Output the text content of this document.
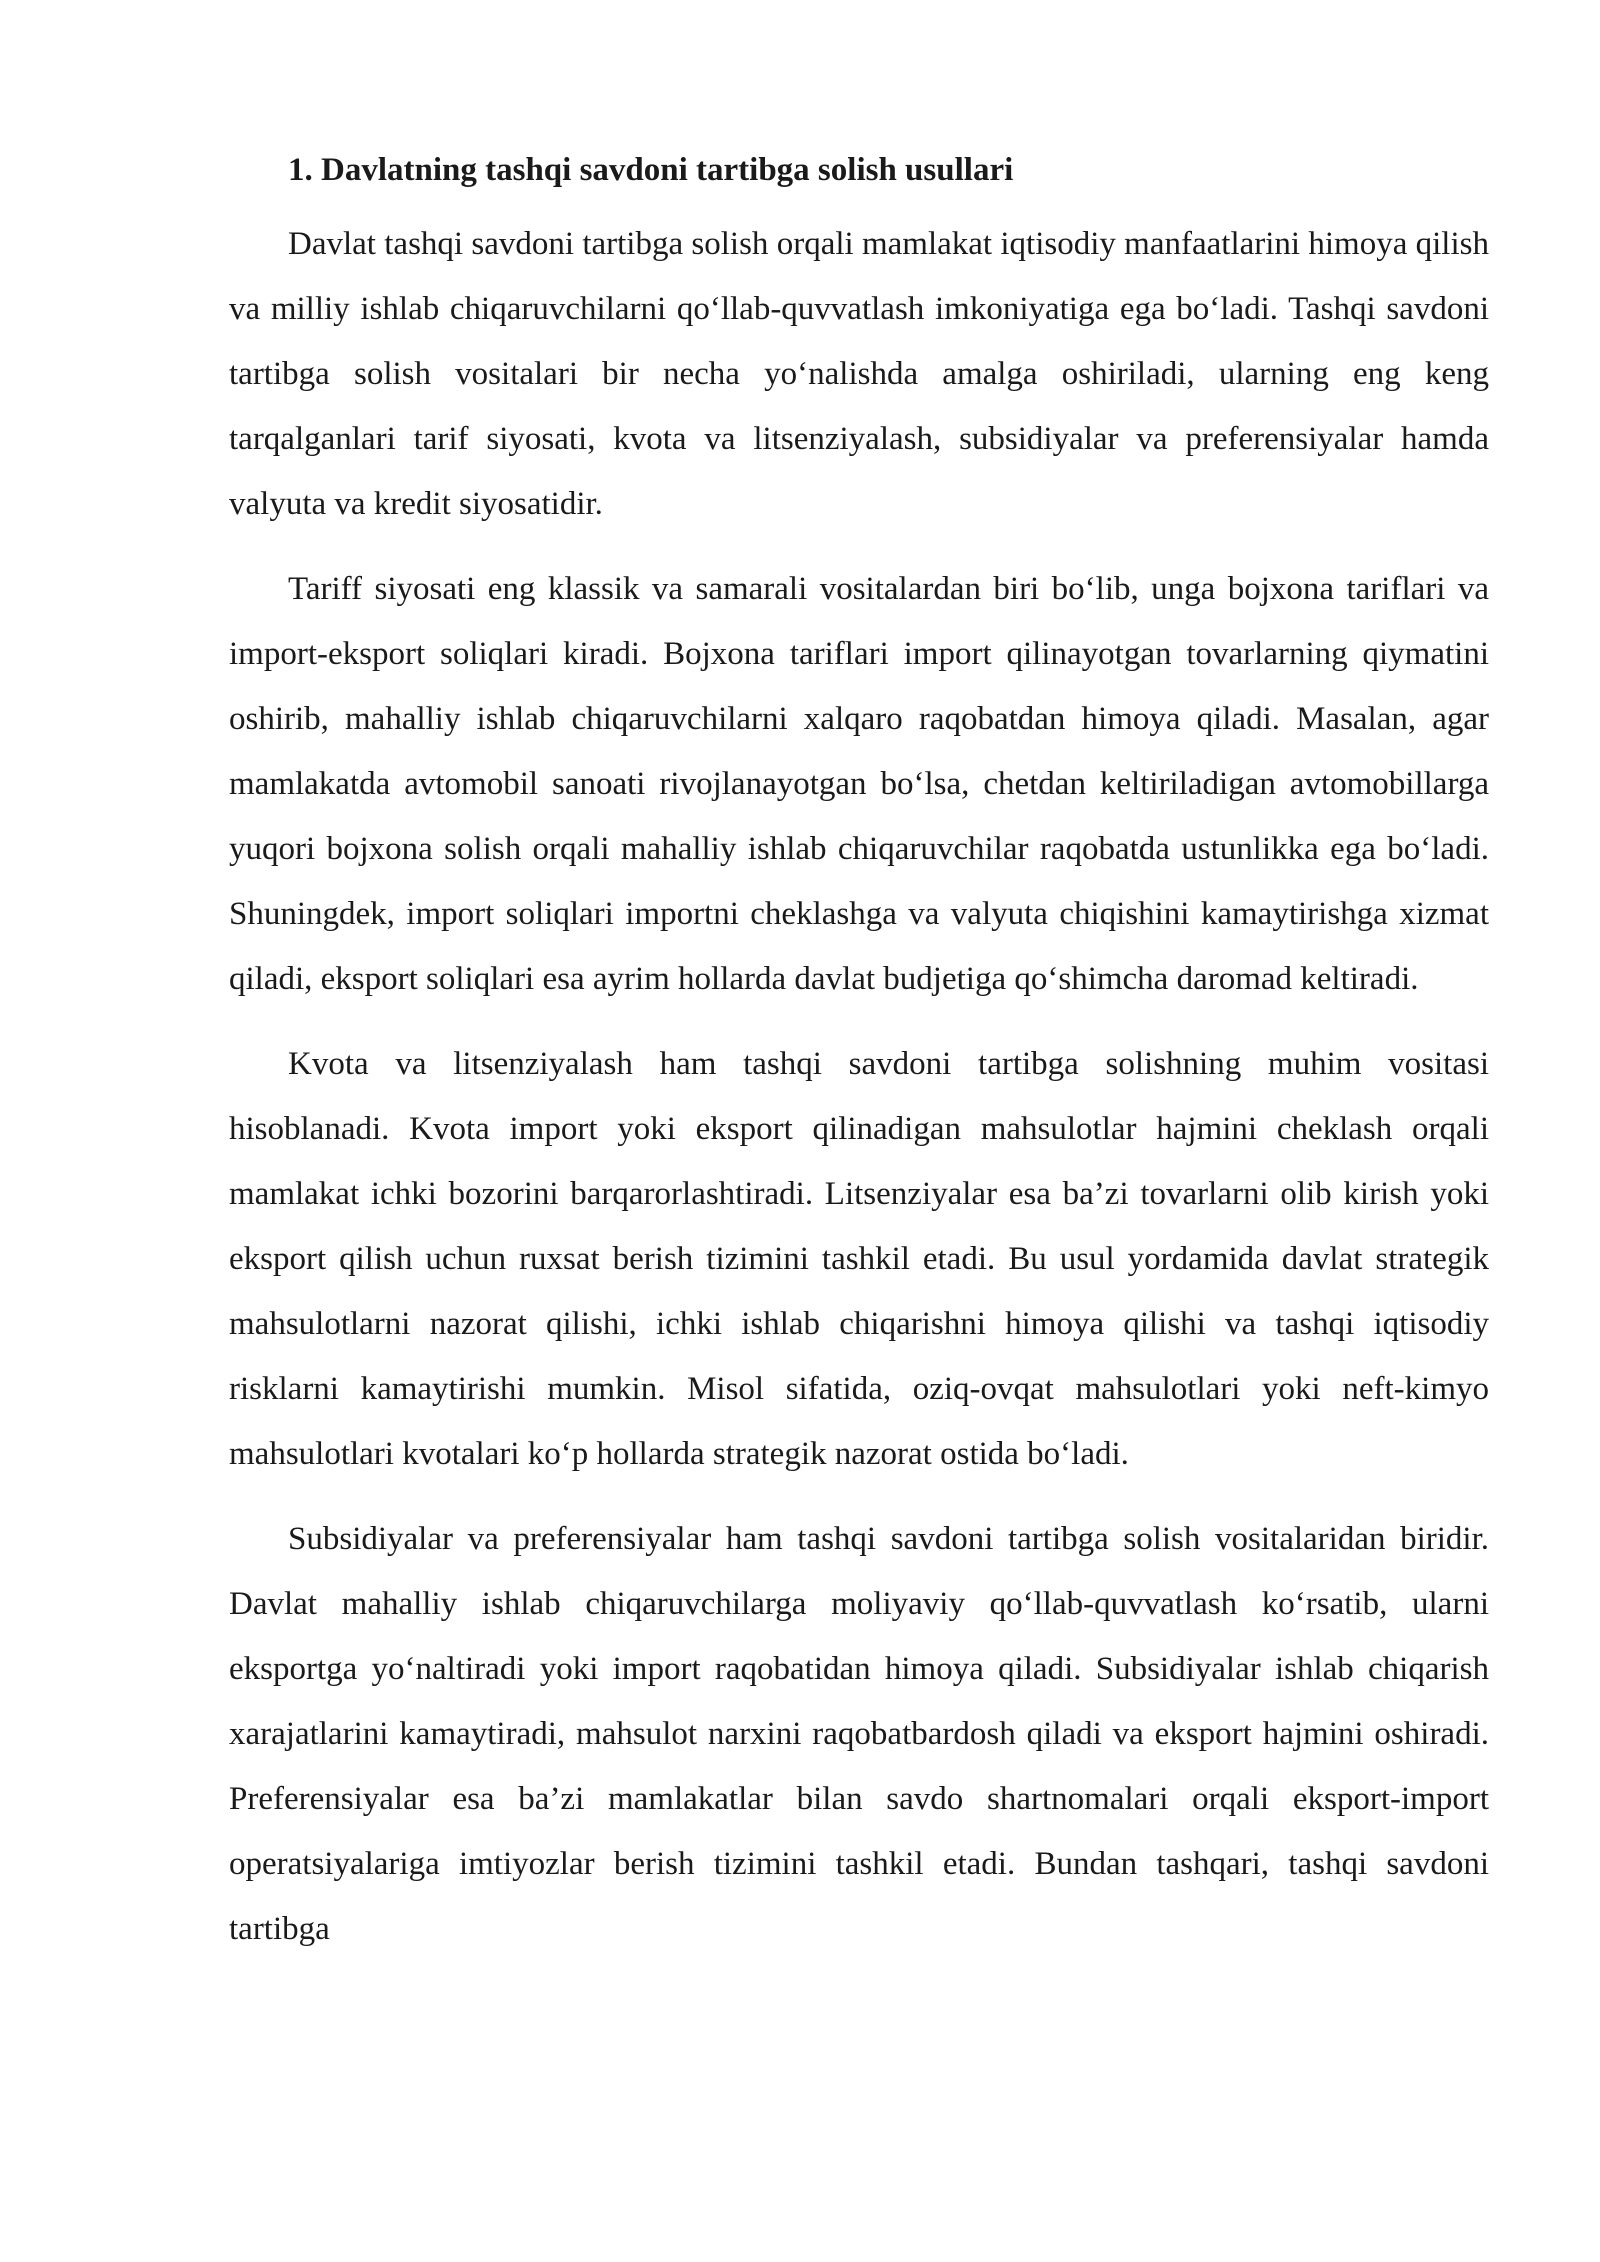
1. Davlatning tashqi savdoni tartibga solish usullari

Davlat tashqi savdoni tartibga solish orqali mamlakat iqtisodiy manfaatlarini himoya qilish va milliy ishlab chiqaruvchilarni qo‘llab-quvvatlash imkoniyatiga ega bo‘ladi. Tashqi savdoni tartibga solish vositalari bir necha yo‘nalishda amalga oshiriladi, ularning eng keng tarqalganlari tarif siyosati, kvota va litsenziyalash, subsidiyalar va preferensiyalar hamda valyuta va kredit siyosatidir.

Tariff siyosati eng klassik va samarali vositalardan biri bo‘lib, unga bojxona tariflari va import-eksport soliqlari kiradi. Bojxona tariflari import qilinayotgan tovarlarning qiymatini oshirib, mahalliy ishlab chiqaruvchilarni xalqaro raqobatdan himoya qiladi. Masalan, agar mamlakatda avtomobil sanoati rivojlanayotgan bo‘lsa, chetdan keltiriladigan avtomobillarga yuqori bojxona solish orqali mahalliy ishlab chiqaruvchilar raqobatda ustunlikka ega bo‘ladi. Shuningdek, import soliqlari importni cheklashga va valyuta chiqishini kamaytirishga xizmat qiladi, eksport soliqlari esa ayrim hollarda davlat budjetiga qo‘shimcha daromad keltiradi.

Kvota va litsenziyalash ham tashqi savdoni tartibga solishning muhim vositasi hisoblanadi. Kvota import yoki eksport qilinadigan mahsulotlar hajmini cheklash orqali mamlakat ichki bozorini barqarorlashtiradi. Litsenziyalar esa ba’zi tovarlarni olib kirish yoki eksport qilish uchun ruxsat berish tizimini tashkil etadi. Bu usul yordamida davlat strategik mahsulotlarni nazorat qilishi, ichki ishlab chiqarishni himoya qilishi va tashqi iqtisodiy risklarni kamaytirishi mumkin. Misol sifatida, oziq-ovqat mahsulotlari yoki neft-kimyo mahsulotlari kvotalari ko‘p hollarda strategik nazorat ostida bo‘ladi.

Subsidiyalar va preferensiyalar ham tashqi savdoni tartibga solish vositalaridan biridir. Davlat mahalliy ishlab chiqaruvchilarga moliyaviy qo‘llab-quvvatlash ko‘rsatib, ularni eksportga yo‘naltiradi yoki import raqobatidan himoya qiladi. Subsidiyalar ishlab chiqarish xarajatlarini kamaytiradi, mahsulot narxini raqobatbardosh qiladi va eksport hajmini oshiradi. Preferensiyalar esa ba’zi mamlakatlar bilan savdo shartnomalari orqali eksport-import operatsiyalariga imtiyozlar berish tizimini tashkil etadi. Bundan tashqari, tashqi savdoni tartibga
